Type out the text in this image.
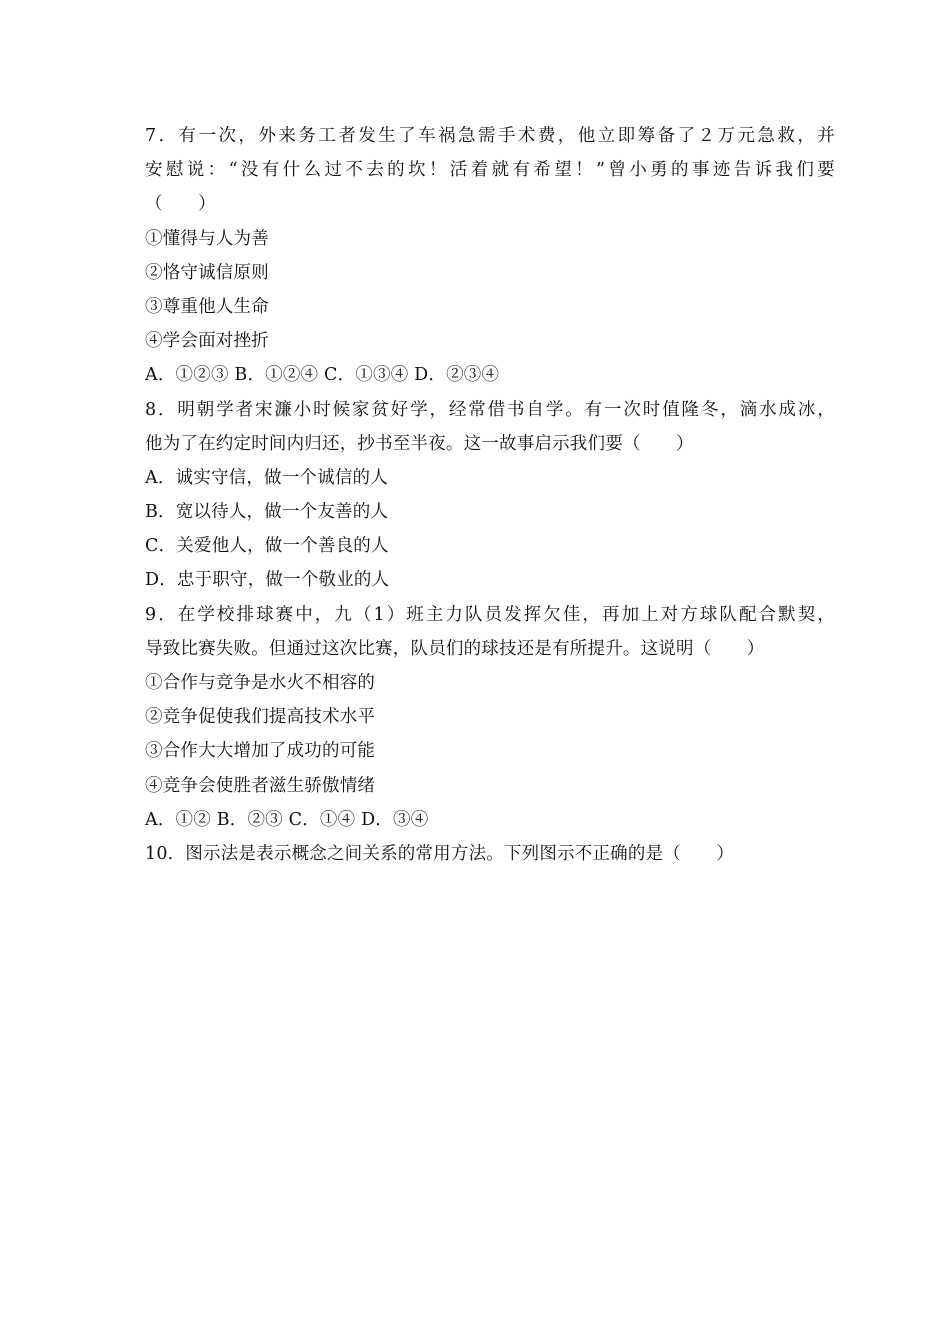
7．有一次，外来务工者发生了车祸急需手术费，他立即筹备了２万元急救，并
安慰说：“没有什么过不去的坎！活着就有希望！”曾小勇的事迹告诉我们要
（　　）
①懂得与人为善
②恪守诚信原则
③尊重他人生命
④学会面对挫折
A．①②③ B．①②④ C．①③④ D．②③④
8．明朝学者宋濂小时候家贫好学，经常借书自学。有一次时值隆冬，滴水成冰，
他为了在约定时间内归还，抄书至半夜。这一故事启示我们要（　　）
A．诚实守信，做一个诚信的人
B．宽以待人，做一个友善的人
C．关爱他人，做一个善良的人
D．忠于职守，做一个敬业的人
9．在学校排球赛中，九（1）班主力队员发挥欠佳，再加上对方球队配合默契，
导致比赛失败。但通过这次比赛，队员们的球技还是有所提升。这说明（　　）
①合作与竞争是水火不相容的
②竞争促使我们提高技术水平
③合作大大增加了成功的可能
④竞争会使胜者滋生骄傲情绪
A．①② B．②③ C．①④ D．③④
10．图示法是表示概念之间关系的常用方法。下列图示不正确的是（　　）
